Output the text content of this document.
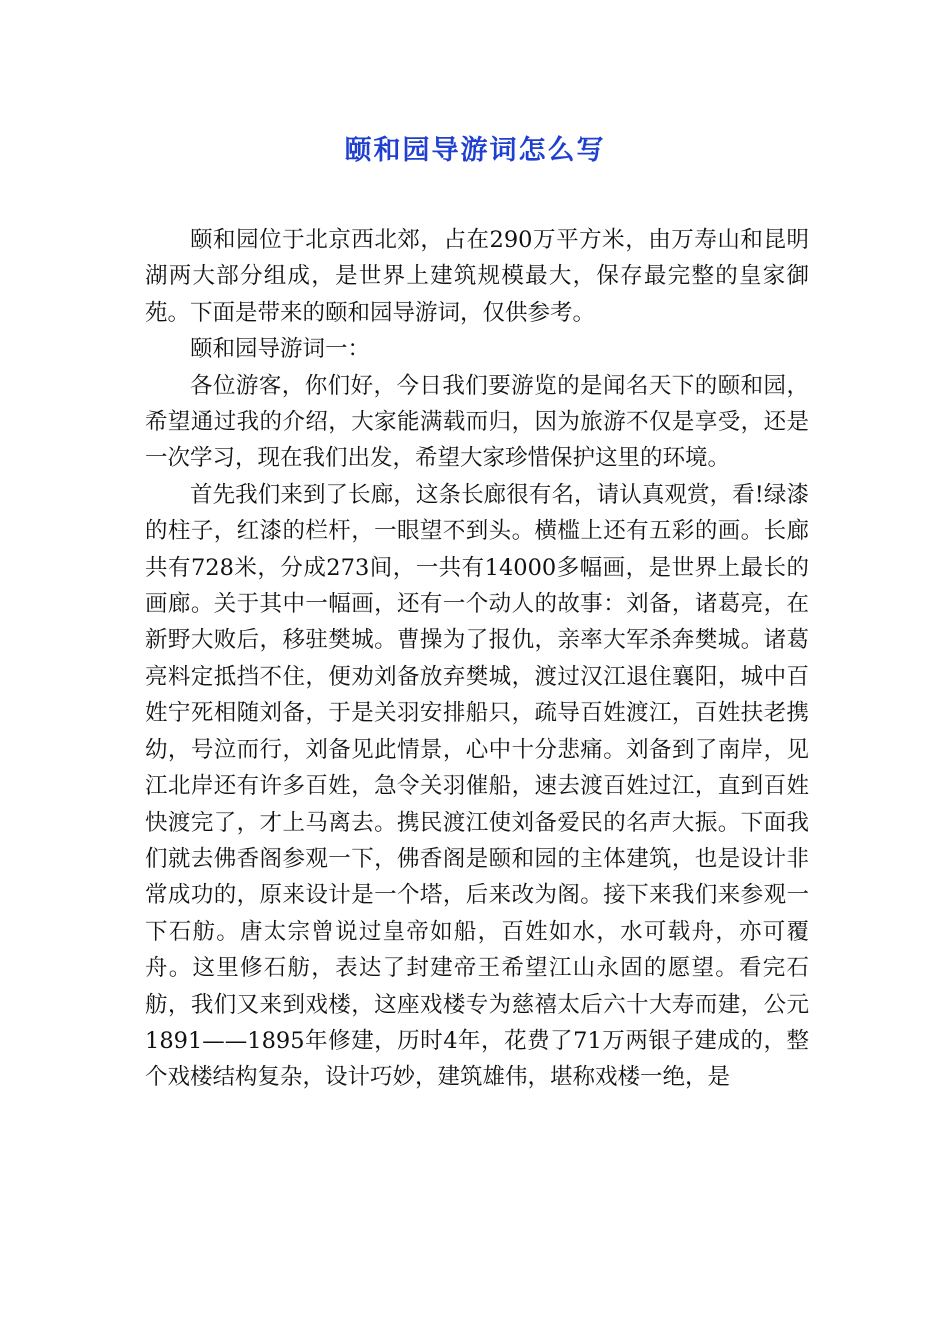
颐和园导游词怎么写

颐和园位于北京西北郊，占在290万平方米，由万寿山和昆明湖两大部分组成，是世界上建筑规模最大，保存最完整的皇家御苑。下面是带来的颐和园导游词，仅供参考。

颐和园导游词一：

各位游客，你们好，今日我们要游览的是闻名天下的颐和园，希望通过我的介绍，大家能满载而归，因为旅游不仅是享受，还是一次学习，现在我们出发，希望大家珍惜保护这里的环境。

首先我们来到了长廊，这条长廊很有名，请认真观赏，看!绿漆的柱子，红漆的栏杆，一眼望不到头。横槛上还有五彩的画。长廊共有728米，分成273间，一共有14000多幅画，是世界上最长的画廊。关于其中一幅画，还有一个动人的故事：刘备，诸葛亮，在新野大败后，移驻樊城。曹操为了报仇，亲率大军杀奔樊城。诸葛亮料定抵挡不住，便劝刘备放弃樊城，渡过汉江退住襄阳，城中百姓宁死相随刘备，于是关羽安排船只，疏导百姓渡江，百姓扶老携幼，号泣而行，刘备见此情景，心中十分悲痛。刘备到了南岸，见江北岸还有许多百姓，急令关羽催船，速去渡百姓过江，直到百姓快渡完了，才上马离去。携民渡江使刘备爱民的名声大振。下面我们就去佛香阁参观一下，佛香阁是颐和园的主体建筑，也是设计非常成功的，原来设计是一个塔，后来改为阁。接下来我们来参观一下石舫。唐太宗曾说过皇帝如船，百姓如水，水可载舟，亦可覆舟。这里修石舫，表达了封建帝王希望江山永固的愿望。看完石舫，我们又来到戏楼，这座戏楼专为慈禧太后六十大寿而建，公元1891——1895年修建，历时4年，花费了71万两银子建成的，整个戏楼结构复杂，设计巧妙，建筑雄伟，堪称戏楼一绝，是
